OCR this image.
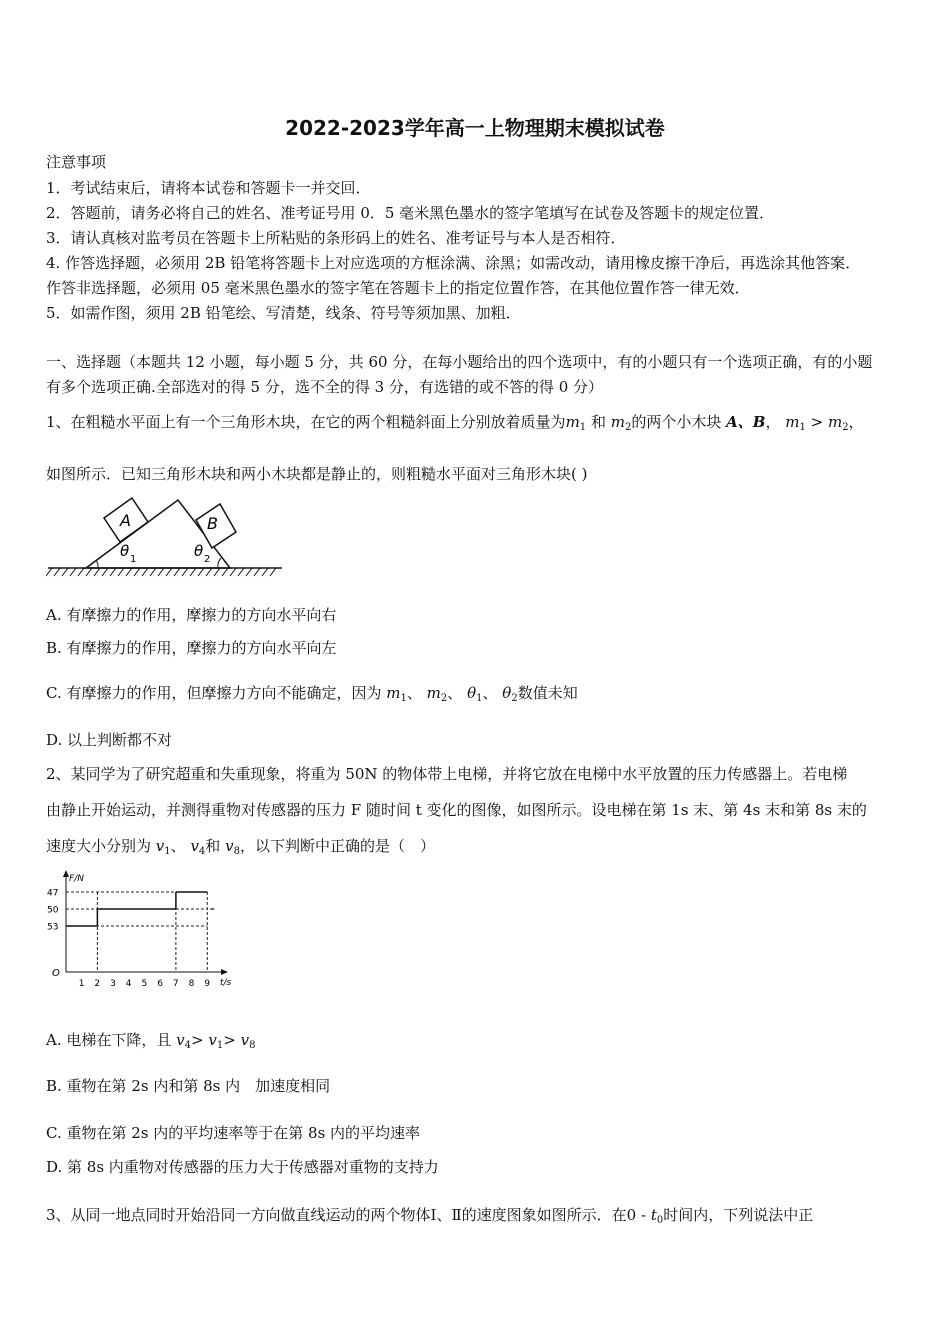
2022-2023学年高一上物理期末模拟试卷
注意事项
1．考试结束后，请将本试卷和答题卡一并交回．
2．答题前，请务必将自己的姓名、准考证号用 0．5 毫米黑色墨水的签字笔填写在试卷及答题卡的规定位置．
3．请认真核对监考员在答题卡上所粘贴的条形码上的姓名、准考证号与本人是否相符．
4. 作答选择题，必须用 2B 铅笔将答题卡上对应选项的方框涂满、涂黑；如需改动，请用橡皮擦干净后，再选涂其他答案．
作答非选择题，必须用 05 毫米黑色墨水的签字笔在答题卡上的指定位置作答，在其他位置作答一律无效．
5．如需作图，须用 2B 铅笔绘、写清楚，线条、符号等须加黑、加粗．
一、选择题（本题共 12 小题，每小题 5 分，共 60 分，在每小题给出的四个选项中，有的小题只有一个选项正确，有的小题
有多个选项正确.全部选对的得 5 分，选不全的得 3 分，有选错的或不答的得 0 分）
1、在粗糙水平面上有一个三角形木块，在它的两个粗糙斜面上分别放着质量为$m_1$ 和 $m_2$的两个小木块 A、B， $m_1 > m_2$，
如图所示．已知三角形木块和两小木块都是静止的，则粗糙水平面对三角形木块( )
A	B
θ 1	θ 2
A. 有摩擦力的作用，摩擦力的方向水平向右
B. 有摩擦力的作用，摩擦力的方向水平向左
C. 有摩擦力的作用，但摩擦力方向不能确定，因为 $m_1$、 $m_2$、 $\theta_1$、 $\theta_2$数值未知
D. 以上判断都不对
2、某同学为了研究超重和失重现象，将重为 50N 的物体带上电梯，并将它放在电梯中水平放置的压力传感器上。若电梯
由静止开始运动，并测得重物对传感器的压力 F 随时间 t 变化的图像，如图所示。设电梯在第 1s 末、第 4s 末和第 8s 末的
速度大小分别为 $v_1$、 $v_4$和 $v_8$，以下判断中正确的是（　）
F/N
t/s
O
53
50
47
1 2 3 4 5 6 7 8 9
A. 电梯在下降，且 $v_4> v_1> v_8$
B. 重物在第 2s 内和第 8s 内　加速度相同
C. 重物在第 2s 内的平均速率等于在第 8s 内的平均速率
D. 第 8s 内重物对传感器的压力大于传感器对重物的支持力
3、从同一地点同时开始沿同一方向做直线运动的两个物体Ⅰ、Ⅱ的速度图象如图所示．在$0 - t_0$时间内，下列说法中正
